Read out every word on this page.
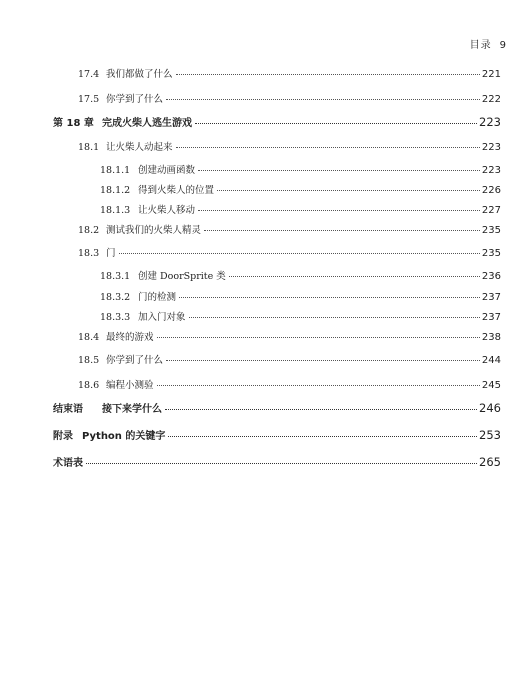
目录 9
17.4 我们都做了什么	221
17.5 你学到了什么	222
第 18 章 完成火柴人逃生游戏	223
18.1 让火柴人动起来	223
18.1.1 创建动画函数	223
18.1.2 得到火柴人的位置	226
18.1.3 让火柴人移动	227
18.2 测试我们的火柴人精灵	235
18.3 门	235
18.3.1 创建 DoorSprite 类	236
18.3.2 门的检测	237
18.3.3 加入门对象	237
18.4 最终的游戏	238
18.5 你学到了什么	244
18.6 编程小测验	245
结束语	接下来学什么	246
附录 Python 的关键字	253
术语表	265
